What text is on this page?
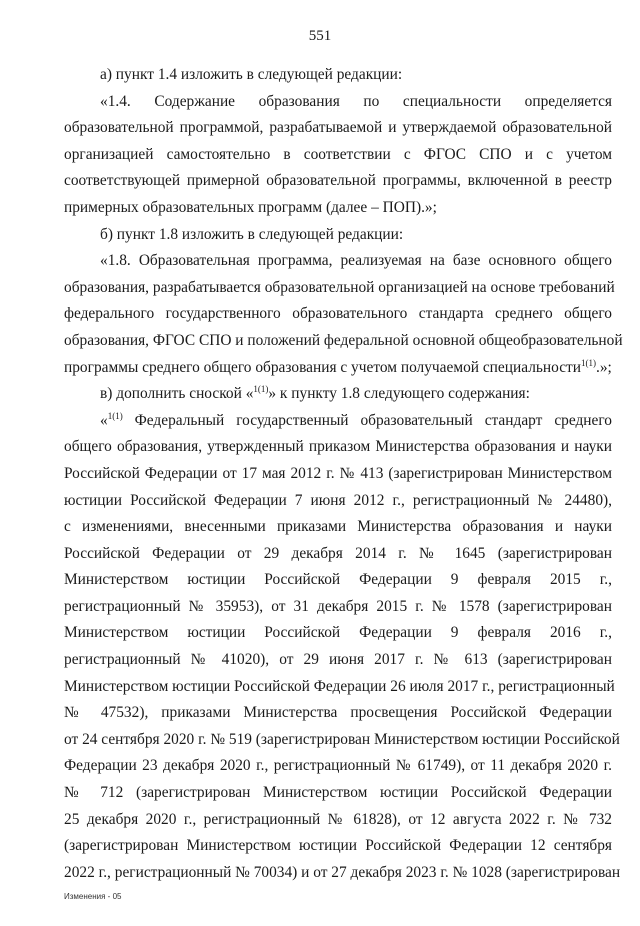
551

а) пункт 1.4 изложить в следующей редакции:

«1.4. Содержание образования по специальности определяется
образовательной программой, разрабатываемой и утверждаемой образовательной
организацией самостоятельно в соответствии с ФГОС СПО и с учетом
соответствующей примерной образовательной программы, включенной в реестр
примерных образовательных программ (далее – ПОП).»;

б) пункт 1.8 изложить в следующей редакции:

«1.8. Образовательная программа, реализуемая на базе основного общего
образования, разрабатывается образовательной организацией на основе требований
федерального государственного образовательного стандарта среднего общего
образования, ФГОС СПО и положений федеральной основной общеобразовательной
программы среднего общего образования с учетом получаемой специальности$^{1(1)}$.»;

в) дополнить сноской «$^{1(1)}$» к пункту 1.8 следующего содержания:

«$^{1(1)}$ Федеральный государственный образовательный стандарт среднего
общего образования, утвержденный приказом Министерства образования и науки
Российской Федерации от 17 мая 2012 г. № 413 (зарегистрирован Министерством
юстиции Российской Федерации 7 июня 2012 г., регистрационный № 24480),
с изменениями, внесенными приказами Министерства образования и науки
Российской Федерации от 29 декабря 2014 г. № 1645 (зарегистрирован
Министерством юстиции Российской Федерации 9 февраля 2015 г.,
регистрационный № 35953), от 31 декабря 2015 г. № 1578 (зарегистрирован
Министерством юстиции Российской Федерации 9 февраля 2016 г.,
регистрационный № 41020), от 29 июня 2017 г. № 613 (зарегистрирован
Министерством юстиции Российской Федерации 26 июля 2017 г., регистрационный
№ 47532), приказами Министерства просвещения Российской Федерации
от 24 сентября 2020 г. № 519 (зарегистрирован Министерством юстиции Российской
Федерации 23 декабря 2020 г., регистрационный № 61749), от 11 декабря 2020 г.
№ 712 (зарегистрирован Министерством юстиции Российской Федерации
25 декабря 2020 г., регистрационный № 61828), от 12 августа 2022 г. № 732
(зарегистрирован Министерством юстиции Российской Федерации 12 сентября
2022 г., регистрационный № 70034) и от 27 декабря 2023 г. № 1028 (зарегистрирован

Изменения - 05
